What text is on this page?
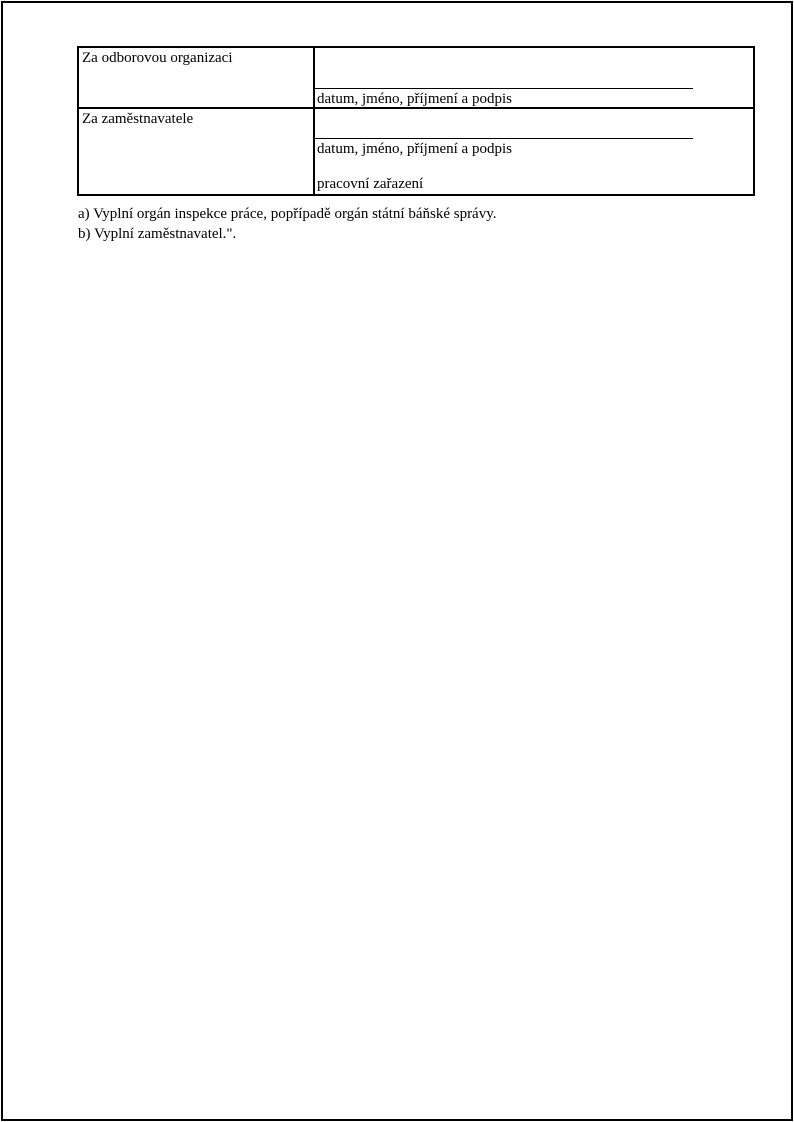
Za odborovou organizaci
datum, jméno, příjmení a podpis
Za zaměstnavatele
datum, jméno, příjmení a podpis
pracovní zařazení
a) Vyplní orgán inspekce práce, popřípadě orgán státní báňské správy.
b) Vyplní zaměstnavatel.".
